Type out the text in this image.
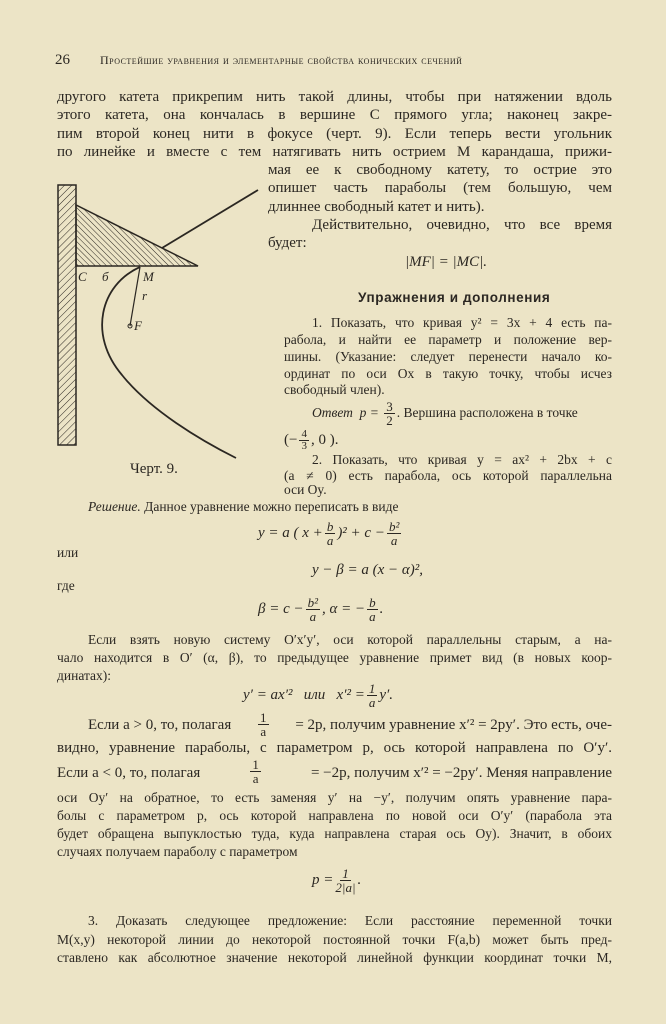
26	Простейшие уравнения и элементарные свойства конических сечений
другого катета прикрепим нить такой длины, чтобы при натяжении вдоль
этого катета, она кончалась в вершине C прямого угла; наконец закре-
пим второй конец нити в фокусе (черт. 9). Если теперь вести угольник
по линейке и вместе с тем натягивать нить острием M карандаша, прижи-
мая ее к свободному катету, то острие это
опишет часть параболы (тем большую, чем
длиннее свободный катет и нить).
Действительно, очевидно, что все время
будет:
|MF| = |MC|.
C б	M
r
F
Черт. 9.
Упражнения и дополнения
1. Показать, что кривая y² = 3x + 4 есть па-
рабола, и найти ее параметр и положение вер-
шины. (Указание: следует перенести начало ко-
ординат по оси Ox в такую точку, чтобы исчез
свободный член).
Ответ $p = \frac{3}{2}$ . Вершина расположена в точке
(− $\frac{4}{3}$ , 0 ).
2. Показать, что кривая y = ax² + 2bx + c
(a ≠ 0) есть парабола, ось которой параллельна
оси Oy.
Решение. Данное уравнение можно переписать в виде
y = a ( $x + \frac{b}{a} )^2 + c - \frac{\text{b²}}{a}$
или
y − β = a (x − α)²,
где
$\beta = c - \frac{\text{b²}}{a}$ , α = − $\frac{b}{a}$ .
Если взять новую систему O′x′y′, оси которой параллельны старым, а на-
чало находится в O′ (α, β), то предыдущее уравнение примет вид (в новых коор-
динатах):
y′ = ax′²   или   $x'^2 = \frac{1}{a} y'$.
Если a > 0, то, полагая $\frac{1}{a} = 2p$, получим уравнение x′² = 2py′. Это есть, оче-
видно, уравнение параболы, с параметром p, ось которой направлена по O′y′.
Если a < 0, то, полагая	$\frac{1}{a}$	= −2p, получим x′² = −2py′. Меняя направление
оси Oy′ на обратное, то есть заменяя y′ на −y′, получим опять уравнение пара-
болы с параметром p, ось которой направлена по новой оси O′y′ (парабола эта
будет обращена выпуклостью туда, куда направлена старая ось Oy). Значит, в обоих
случаях получаем параболу с параметром
$p = \frac{1}{2|a|}$ .
3. Доказать следующее предложение: Если расстояние переменной точки
M(x,y) некоторой линии до некоторой постоянной точки F(a,b) может быть пред-
ставлено как абсолютное значение некоторой линейной функции координат точки M,
